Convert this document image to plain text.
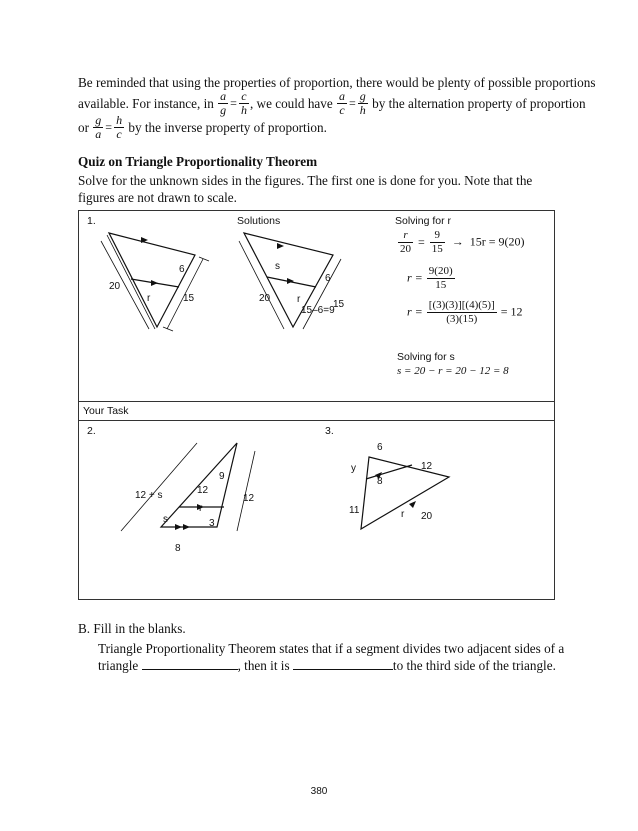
Be reminded that using the properties of proportion, there would be plenty of possible proportions
available. For instance, in
$\frac{a}{g} = \frac{c}{h}$ , we could have
$\frac{a}{c} = \frac{g}{h}$
by the alternation property of proportion
or
$\frac{g}{a} = \frac{h}{c}$
by the inverse property of proportion.
Quiz on Triangle Proportionality Theorem
Solve for the unknown sides in the figures. The first one is done for you. Note that the figures are not drawn to scale.
1.	Solutions	Solving for r
6
20
15
r
s
6
20	r
15–6=9
15
9
12
12 + s	12
r
s	3
8
6
y
8
12
11	r 20
$\frac{r}{20} = \frac{9}{15} \to 15r = 9(20)$
$r = \frac{9(20)}{15}$
$r = \frac{[(3)(3)][(4)(5)]}{(3)(15)} = 12$
Solving for s
s = 20 − r = 20 − 12 = 8
Your Task
2.	3.
B. Fill in the blanks.
Triangle Proportionality Theorem states that if a segment divides two adjacent sides of a
triangle	, then it is	to the third side of the triangle.
380
